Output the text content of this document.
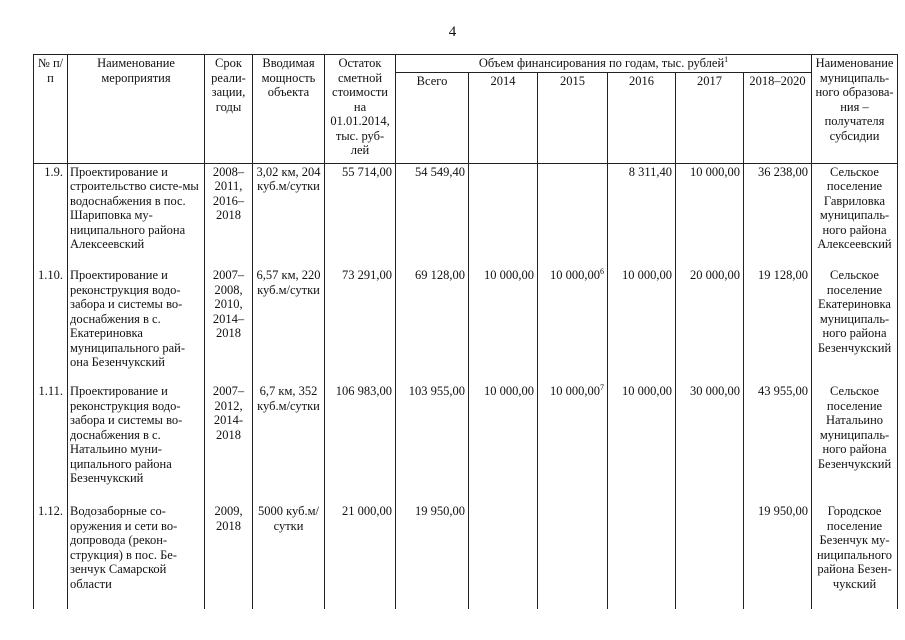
4
№ п/п	Наименование мероприятия	Срок реали-зации, годы	Вводимая мощность объекта	Остаток сметной стоимости на 01.01.2014, тыс. руб-лей	Объем финансирования по годам, тыс. рублей$^1$						Наименование муниципаль-ного образова-ния – получателя субсидии
					Всего	2014	2015	2016	2017	2018–2020	
1.9.	Проектирование и строительство систе-мы водоснабжения в пос. Шариповка му-ниципального района Алексеевский	2008–2011, 2016–2018	3,02 км, 204 куб.м/сутки	55 714,00	54 549,40			8 311,40	10 000,00	36 238,00	Сельское поселение Гавриловка муниципаль-ного района Алексеевский
1.10.	Проектирование и реконструкция водо-забора и системы во-доснабжения в с. Екатериновка муниципального рай-она Безенчукский	2007–2008, 2010, 2014–2018	6,57 км, 220 куб.м/сутки	73 291,00	69 128,00	10 000,00	10 000,00$^6$	10 000,00	20 000,00	19 128,00	Сельское поселение Екатериновка муниципаль-ного района Безенчукский
1.11.	Проектирование и реконструкция водо-забора и системы во-доснабжения в с. Натальино муни-ципального района Безенчукский	2007–2012, 2014-2018	6,7 км, 352 куб.м/сутки	106 983,00	103 955,00	10 000,00	10 000,00$^7$	10 000,00	30 000,00	43 955,00	Сельское поселение Натальино муниципаль-ного района Безенчукский
1.12.	Водозаборные со-оружения и сети во-допровода (рекон-струкция) в пос. Бе-зенчук Самарской области	2009, 2018	5000 куб.м/сутки	21 000,00	19 950,00					19 950,00	Городское поселение Безенчук му-ниципального района Безен-чукский
